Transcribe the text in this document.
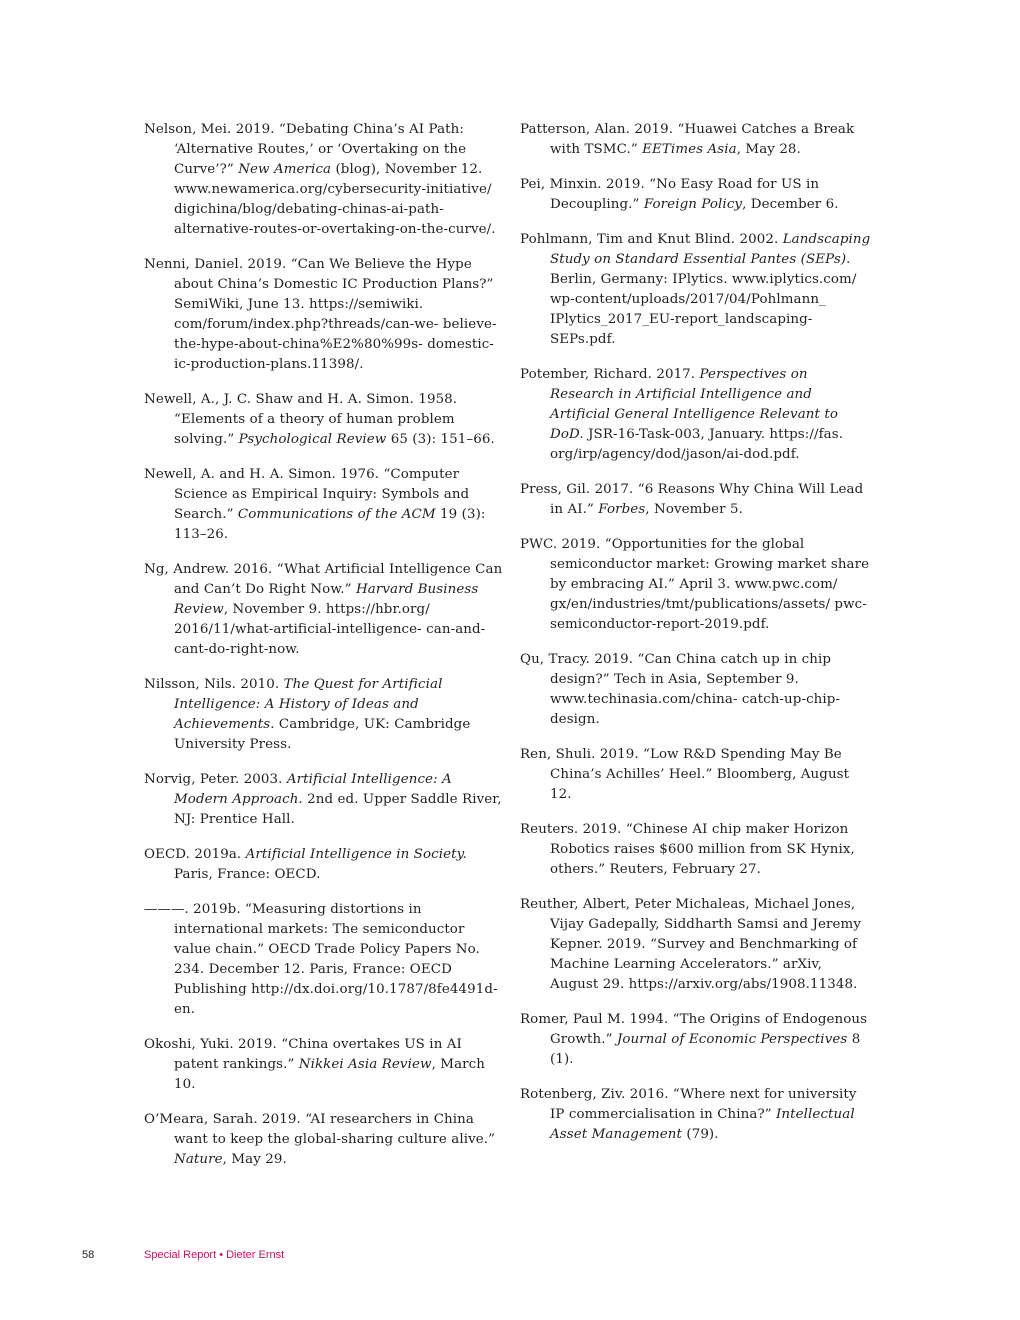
Nelson, Mei. 2019. “Debating China’s AI Path: ‘Alternative Routes,’ or ‘Overtaking on the Curve’?” New America (blog), November 12. www.newamerica.org/cybersecurity-initiative/ digichina/blog/debating-chinas-ai-path- alternative-routes-or-overtaking-on-the-curve/.

Nenni, Daniel. 2019. “Can We Believe the Hype about China’s Domestic IC Production Plans?” SemiWiki, June 13. https://semiwiki. com/forum/index.php?threads/can-we- believe-the-hype-about-china%E2%80%99s- domestic-ic-production-plans.11398/.

Newell, A., J. C. Shaw and H. A. Simon. 1958. “Elements of a theory of human problem solving.” Psychological Review 65 (3): 151–66.

Newell, A. and H. A. Simon. 1976. “Computer Science as Empirical Inquiry: Symbols and Search.” Communications of the ACM 19 (3): 113–26.

Ng, Andrew. 2016. “What Artificial Intelligence Can and Can’t Do Right Now.” Harvard Business Review, November 9. https://hbr.org/ 2016/11/what-artificial-intelligence- can-and-cant-do-right-now.

Nilsson, Nils. 2010. The Quest for Artificial Intelligence: A History of Ideas and Achievements. Cambridge, UK: Cambridge University Press.

Norvig, Peter. 2003. Artificial Intelligence: A Modern Approach. 2nd ed. Upper Saddle River, NJ: Prentice Hall.

OECD. 2019a. Artificial Intelligence in Society. Paris, France: OECD.

———. 2019b. “Measuring distortions in international markets: The semiconductor value chain.” OECD Trade Policy Papers No. 234. December 12. Paris, France: OECD Publishing http://dx.doi.org/10.1787/8fe4491d-en.

Okoshi, Yuki. 2019. “China overtakes US in AI patent rankings.” Nikkei Asia Review, March 10.

O’Meara, Sarah. 2019. “AI researchers in China want to keep the global-sharing culture alive.” Nature, May 29.

Patterson, Alan. 2019. “Huawei Catches a Break with TSMC.” EETimes Asia, May 28.

Pei, Minxin. 2019. “No Easy Road for US in Decoupling.” Foreign Policy, December 6.

Pohlmann, Tim and Knut Blind. 2002. Landscaping Study on Standard Essential Pantes (SEPs). Berlin, Germany: IPlytics. www.iplytics.com/ wp-content/uploads/2017/04/Pohlmann_ IPlytics_2017_EU-report_landscaping-SEPs.pdf.

Potember, Richard. 2017. Perspectives on Research in Artificial Intelligence and Artificial General Intelligence Relevant to DoD. JSR-16-Task-003, January. https://fas. org/irp/agency/dod/jason/ai-dod.pdf.

Press, Gil. 2017. “6 Reasons Why China Will Lead in AI.” Forbes, November 5.

PWC. 2019. “Opportunities for the global semiconductor market: Growing market share by embracing AI.” April 3. www.pwc.com/ gx/en/industries/tmt/publications/assets/ pwc-semiconductor-report-2019.pdf.

Qu, Tracy. 2019. “Can China catch up in chip design?” Tech in Asia, September 9. www.techinasia.com/china- catch-up-chip-design.

Ren, Shuli. 2019. “Low R&D Spending May Be China’s Achilles’ Heel.” Bloomberg, August 12.

Reuters. 2019. “Chinese AI chip maker Horizon Robotics raises $600 million from SK Hynix, others.” Reuters, February 27.

Reuther, Albert, Peter Michaleas, Michael Jones, Vijay Gadepally, Siddharth Samsi and Jeremy Kepner. 2019. “Survey and Benchmarking of Machine Learning Accelerators.” arXiv, August 29. https://arxiv.org/abs/1908.11348.

Romer, Paul M. 1994. “The Origins of Endogenous Growth.” Journal of Economic Perspectives 8 (1).

Rotenberg, Ziv. 2016. “Where next for university IP commercialisation in China?” Intellectual Asset Management (79).

58	Special Report • Dieter Ernst
